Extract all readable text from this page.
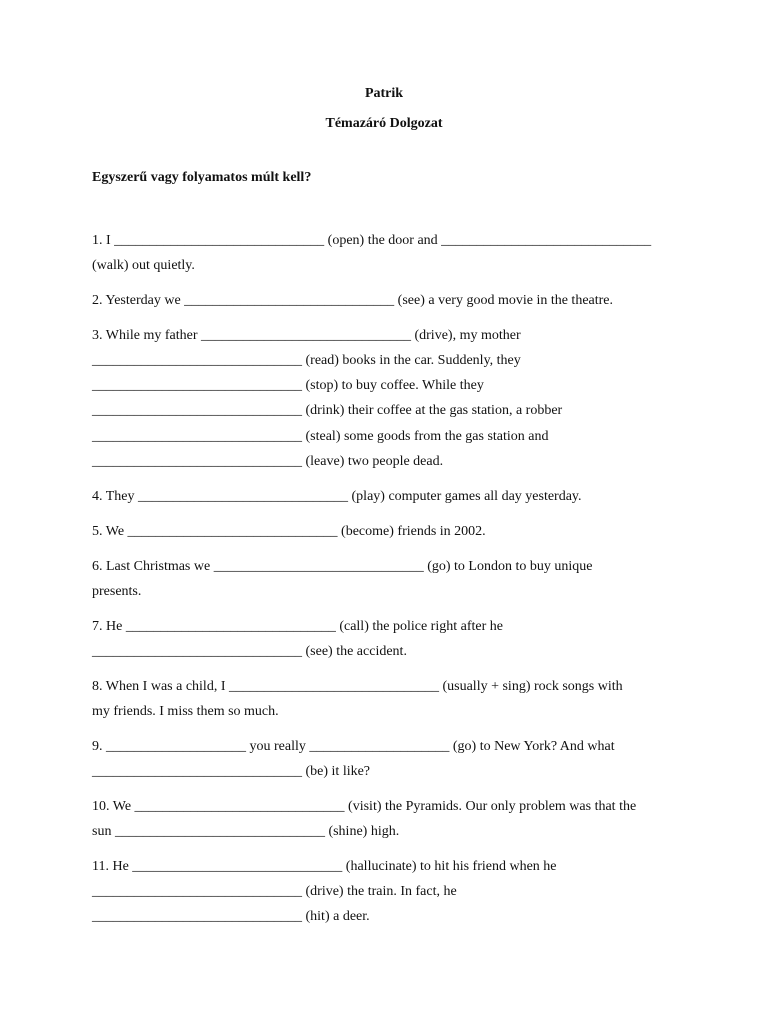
Patrik
Témazáró Dolgozat
Egyszerű vagy folyamatos múlt kell?
1. I ______________________________ (open) the door and ______________________________
(walk) out quietly.
2. Yesterday we ______________________________ (see) a very good movie in the theatre.
3. While my father ______________________________ (drive), my mother
______________________________ (read) books in the car. Suddenly, they
______________________________ (stop) to buy coffee. While they
______________________________ (drink) their coffee at the gas station, a robber
______________________________ (steal) some goods from the gas station and
______________________________ (leave) two people dead.
4. They ______________________________ (play) computer games all day yesterday.
5. We ______________________________ (become) friends in 2002.
6. Last Christmas we ______________________________ (go) to London to buy unique
presents.
7. He ______________________________ (call) the police right after he
______________________________ (see) the accident.
8. When I was a child, I ______________________________ (usually + sing) rock songs with
my friends. I miss them so much.
9. ____________________ you really ____________________ (go) to New York? And what
______________________________ (be) it like?
10. We ______________________________ (visit) the Pyramids. Our only problem was that the
sun ______________________________ (shine) high.
11. He ______________________________ (hallucinate) to hit his friend when he
______________________________ (drive) the train. In fact, he
______________________________ (hit) a deer.
